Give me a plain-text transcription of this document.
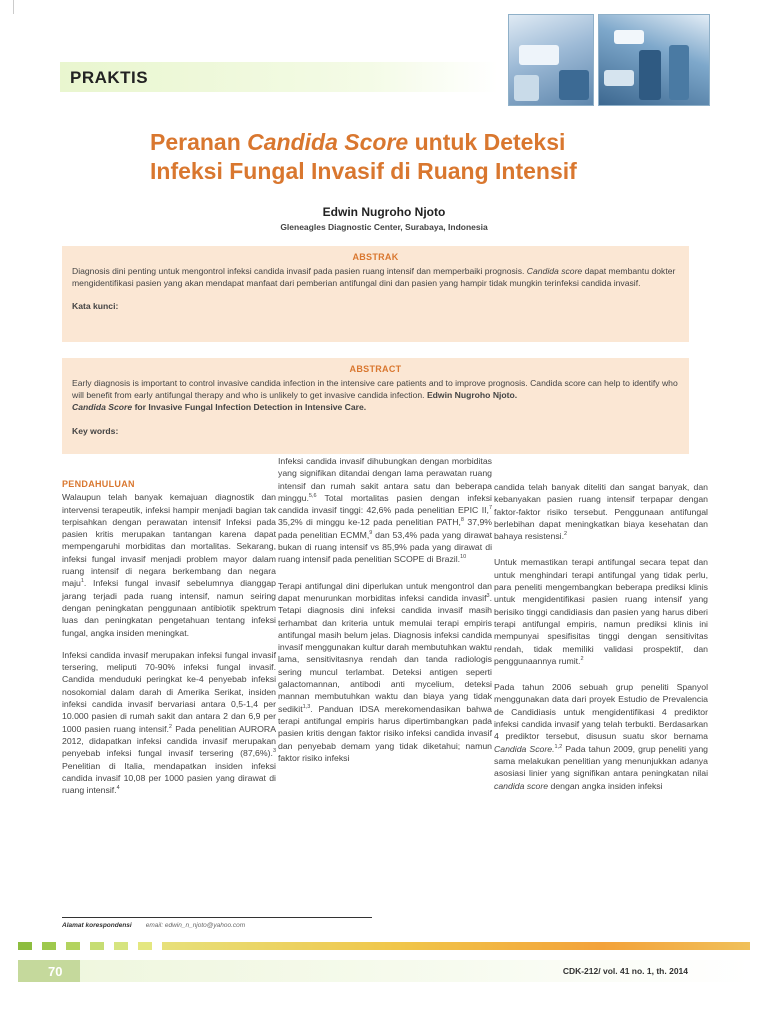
PRAKTIS
Peranan Candida Score untuk Deteksi
Infeksi Fungal Invasif di Ruang Intensif
Edwin Nugroho Njoto
Gleneagles Diagnostic Center, Surabaya, Indonesia
ABSTRAK

Diagnosis dini penting untuk mengontrol infeksi candida invasif pada pasien ruang intensif dan memperbaiki prognosis. Candida score dapat membantu dokter mengidentifikasi pasien yang akan mendapat manfaat dari pemberian antifungal dini dan pasien yang hampir tidak mungkin terinfeksi candida invasif.

Kata kunci:
ABSTRACT

Early diagnosis is important to control invasive candida infection in the intensive care patients and to improve prognosis. Candida score can help to identify who will benefit from early antifungal therapy and who is unlikely to get invasive candida infection. Edwin Nugroho Njoto.
Candida Score for Invasive Fungal Infection Detection in Intensive Care.

Key words:
PENDAHULUAN

Walaupun telah banyak kemajuan diagnostik dan intervensi terapeutik, infeksi hampir menjadi bagian tak terpisahkan dengan perawatan intensif Infeksi pada pasien kritis merupakan tantangan karena dapat mempengaruhi morbiditas dan mortalitas. Sekarang, infeksi fungal invasif menjadi problem mayor dalam ruang intensif di negara berkembang dan negara maju$^1$. Infeksi fungal invasif sebelumnya dianggap jarang terjadi pada ruang intensif, namun seiring dengan peningkatan penggunaan antibiotik spektrum luas dan peningkatan pengetahuan tentang infeksi fungal, angka insiden meningkat.

Infeksi candida invasif merupakan infeksi fungal invasif tersering, meliputi 70-90% infeksi fungal invasif. Candida menduduki peringkat ke-4 penyebab infeksi nosokomial dalam darah di Amerika Serikat, insiden infeksi candida invasif bervariasi antara 0,5-1,4 per 10.000 pasien di rumah sakit dan antara 2 dan 6,9 per 1000 pasien ruang intensif.$^2$ Pada penelitian AURORA 2012, didapatkan infeksi candida invasif merupakan penyebab infeksi fungal invasif tersering (87,6%).$^3$ Penelitian di Italia, mendapatkan insiden infeksi candida invasif 10,08 per 1000 pasien yang dirawat di ruang intensif.$^4$

Infeksi candida invasif dihubungkan dengan morbiditas yang signifikan ditandai dengan lama perawatan ruang intensif dan rumah sakit antara satu dan beberapa minggu.$^{5,6}$ Total mortalitas pasien dengan infeksi candida invasif tinggi: 42,6% pada penelitian EPIC II,$^7$ 35,2% di minggu ke-12 pada penelitian PATH,$^8$ 37,9% pada penelitian ECMM,$^9$ dan 53,4% pada yang dirawat bukan di ruang intensif vs 85,9% pada yang dirawat di ruang intensif pada penelitian SCOPE di Brazil.$^{10}$

Terapi antifungal dini diperlukan untuk mengontrol dan dapat menurunkan morbiditas infeksi candida invasif$^3$. Tetapi diagnosis dini infeksi candida invasif masih terhambat dan kriteria untuk memulai terapi empiris antifungal masih belum jelas. Diagnosis infeksi candida invasif menggunakan kultur darah membutuhkan waktu lama, sensitivitasnya rendah dan tanda radiologis sering muncul terlambat. Deteksi antigen seperti galactomannan, antibodi anti mycelium, deteksi mannan membutuhkan waktu dan biaya yang tidak sedikit$^{1,3}$. Panduan IDSA merekomendasikan bahwa terapi antifungal empiris harus dipertimbangkan pada pasien kritis dengan faktor risiko infeksi candida invasif dan penyebab demam yang tidak diketahui; namun faktor risiko infeksi

candida telah banyak diteliti dan sangat banyak, dan kebanyakan pasien ruang intensif terpapar dengan faktor-faktor risiko tersebut. Penggunaan antifungal berlebihan dapat meningkatkan biaya kesehatan dan bahaya resistensi.$^2$

Untuk memastikan terapi antifungal secara tepat dan untuk menghindari terapi antifungal yang tidak perlu, para peneliti mengembangkan beberapa prediksi klinis untuk mengidentifikasi pasien ruang intensif yang berisiko tinggi candidiasis dan pasien yang harus diberi terapi antifungal empiris, namun prediksi klinis ini mempunyai spesifisitas tinggi dengan sensitivitas rendah, tidak memiliki validasi prospektif, dan penggunaannya rumit.$^2$

Pada tahun 2006 sebuah grup peneliti Spanyol menggunakan data dari proyek Estudio de Prevalencia de Candidiasis untuk mengidentifikasi 4 prediktor infeksi candida invasif yang telah terbukti. Berdasarkan 4 prediktor tersebut, disusun suatu skor bernama Candida Score.$^{1,2}$ Pada tahun 2009, grup peneliti yang sama melakukan penelitian yang menunjukkan adanya asosiasi linier yang signifikan antara peningkatan nilai candida score dengan angka insiden infeksi

Alamat korespondensi email: edwin_n_njoto@yahoo.com
70	CDK-212/ vol. 41 no. 1, th. 2014
